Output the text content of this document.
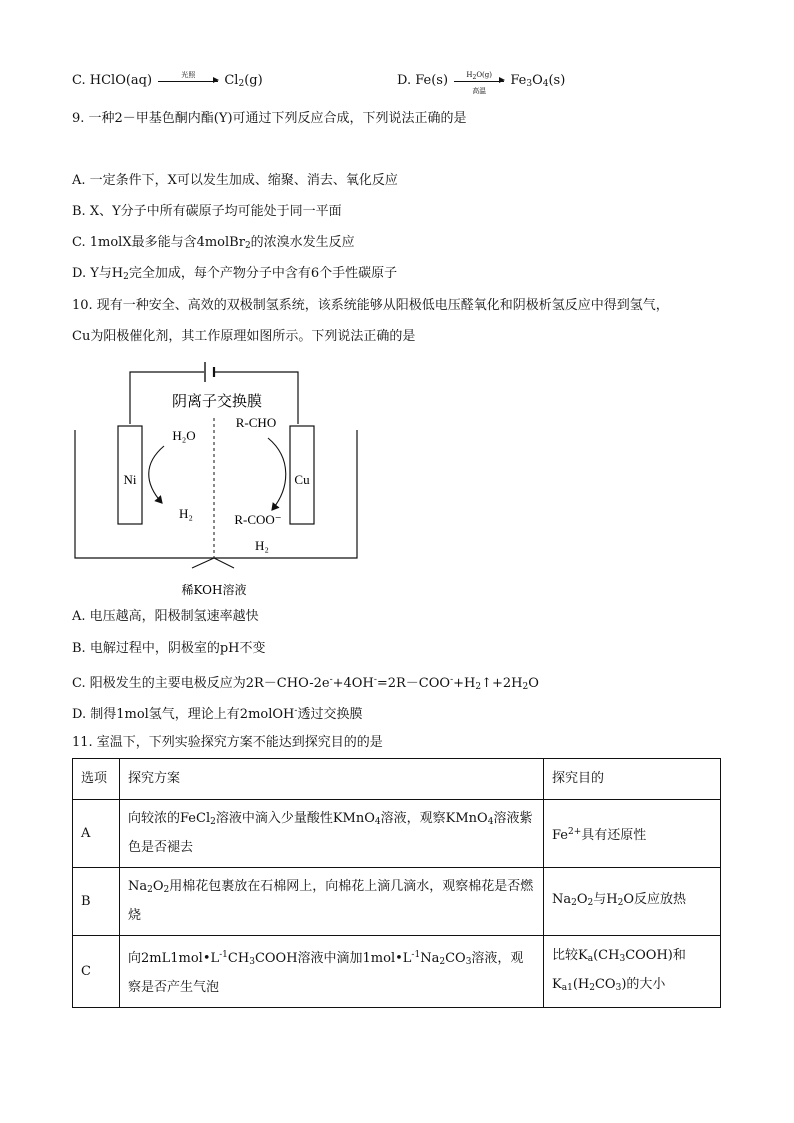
C. HClO(aq)	光照	$Cl_2(g)$	D. Fe(s)	$H_2O(g)$
高温
$Fe_3O_4(s)$
9. 一种2－甲基色酮内酯(Y)可通过下列反应合成，下列说法正确的是
A. 一定条件下，X可以发生加成、缩聚、消去、氧化反应
B. X、Y分子中所有碳原子均可能处于同一平面
C. 1molX最多能与含4molBr$_2$的浓溴水发生反应
D. Y与$H_2$完全加成，每个产物分子中含有6个手性碳原子
10. 现有一种安全、高效的双极制氢系统，该系统能够从阳极低电压醛氧化和阴极析氢反应中得到氢气，
Cu为阳极催化剂，其工作原理如图所示。下列说法正确的是
阴离子交换膜
Ni	Cu
H₂O
H₂
R-CHO
R-COO⁻
H₂
稀KOH溶液
A. 电压越高，阳极制氢速率越快
B. 电解过程中，阴极室的pH不变
C. 阳极发生的主要电极反应为$2R-CHO-2e^-+4OH^-=2R-COO^-+H_2↑+2H_2O$
D. 制得1mol氢气，理论上有2molOH-透过交换膜
11. 室温下，下列实验探究方案不能达到探究目的的是
选项	探究方案	探究目的
A	向较浓的FeCl$_2$溶液中滴入少量酸性KMnO$_4$溶液，观察KMnO$_4$溶液紫色是否褪去	$Fe^{2+}$具有还原性
B	$Na_2O_2$用棉花包裹放在石棉网上，向棉花上滴几滴水，观察棉花是否燃烧	$Na_2O_2$与$H_2O$反应放热
C	向$2mL1mol•L^{-1}CH_3COOH$溶液中滴加$1mol•L^{-1}Na_2CO_3$溶液，观察是否产生气泡	比较$K_a(CH_3COOH)$和$K_{a1}(H_2CO_3)$的大小
